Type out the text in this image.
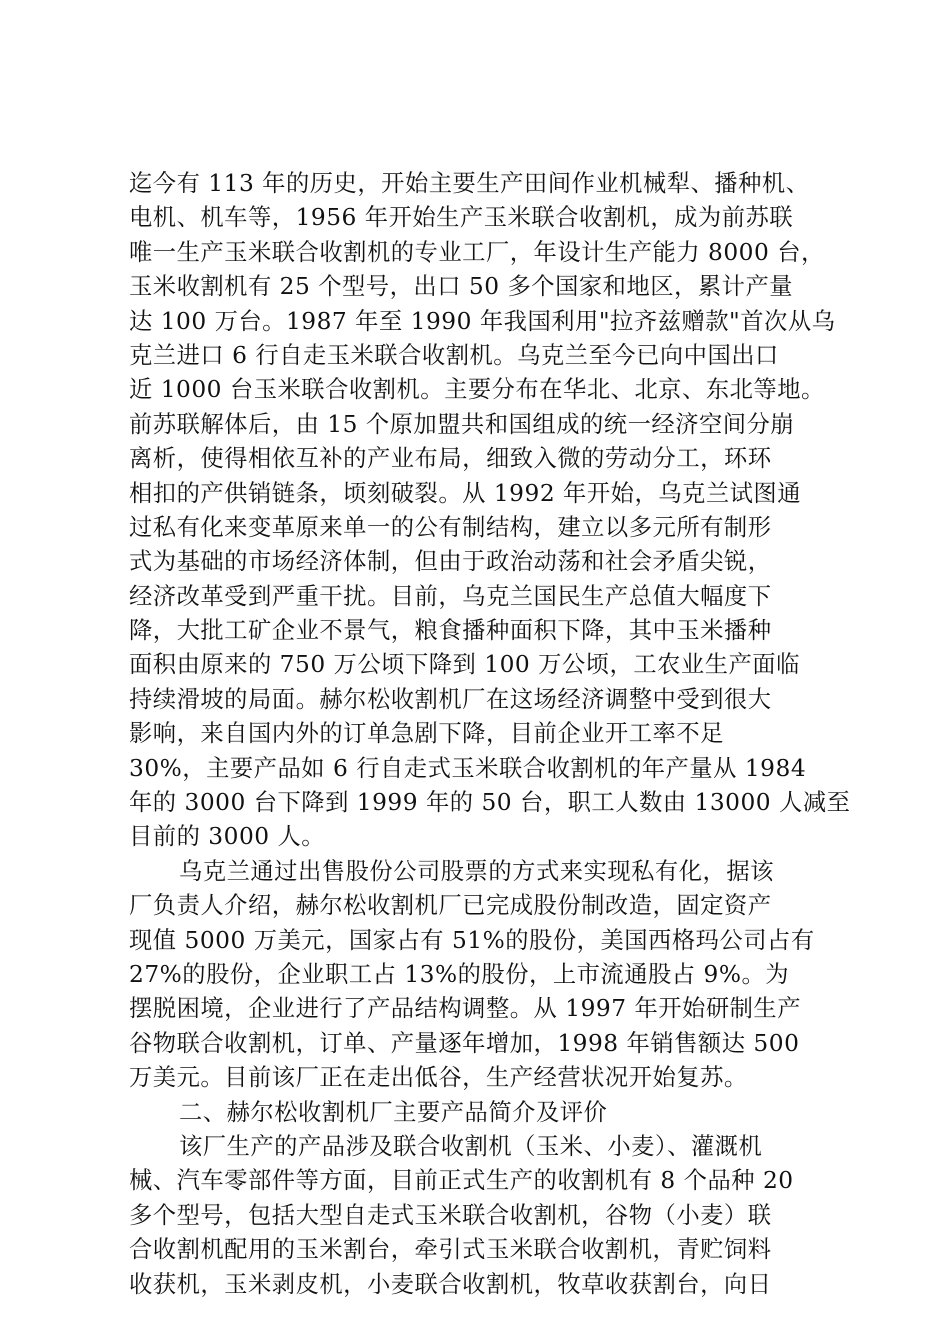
迄今有 113 年的历史，开始主要生产田间作业机械犁、播种机、
电机、机车等，1956 年开始生产玉米联合收割机，成为前苏联
唯一生产玉米联合收割机的专业工厂，年设计生产能力 8000 台，
玉米收割机有 25 个型号，出口 50 多个国家和地区，累计产量
达 100 万台。1987 年至 1990 年我国利用"拉齐兹赠款"首次从乌
克兰进口 6 行自走玉米联合收割机。乌克兰至今已向中国出口
近 1000 台玉米联合收割机。主要分布在华北、北京、东北等地。
前苏联解体后，由 15 个原加盟共和国组成的统一经济空间分崩
离析，使得相依互补的产业布局，细致入微的劳动分工，环环
相扣的产供销链条，顷刻破裂。从 1992 年开始，乌克兰试图通
过私有化来变革原来单一的公有制结构，建立以多元所有制形
式为基础的市场经济体制，但由于政治动荡和社会矛盾尖锐，
经济改革受到严重干扰。目前，乌克兰国民生产总值大幅度下
降，大批工矿企业不景气，粮食播种面积下降，其中玉米播种
面积由原来的 750 万公顷下降到 100 万公顷，工农业生产面临
持续滑坡的局面。赫尔松收割机厂在这场经济调整中受到很大
影响，来自国内外的订单急剧下降，目前企业开工率不足
30%，主要产品如 6 行自走式玉米联合收割机的年产量从 1984
年的 3000 台下降到 1999 年的 50 台，职工人数由 13000 人减至
目前的 3000 人。

乌克兰通过出售股份公司股票的方式来实现私有化，据该
厂负责人介绍，赫尔松收割机厂已完成股份制改造，固定资产
现值 5000 万美元，国家占有 51%的股份，美国西格玛公司占有
27%的股份，企业职工占 13%的股份，上市流通股占 9%。为
摆脱困境，企业进行了产品结构调整。从 1997 年开始研制生产
谷物联合收割机，订单、产量逐年增加，1998 年销售额达 500
万美元。目前该厂正在走出低谷，生产经营状况开始复苏。

二、赫尔松收割机厂主要产品简介及评价

该厂生产的产品涉及联合收割机（玉米、小麦）、灌溉机
械、汽车零部件等方面，目前正式生产的收割机有 8 个品种 20
多个型号，包括大型自走式玉米联合收割机，谷物（小麦）联
合收割机配用的玉米割台，牵引式玉米联合收割机，青贮饲料
收获机，玉米剥皮机，小麦联合收割机，牧草收获割台，向日
